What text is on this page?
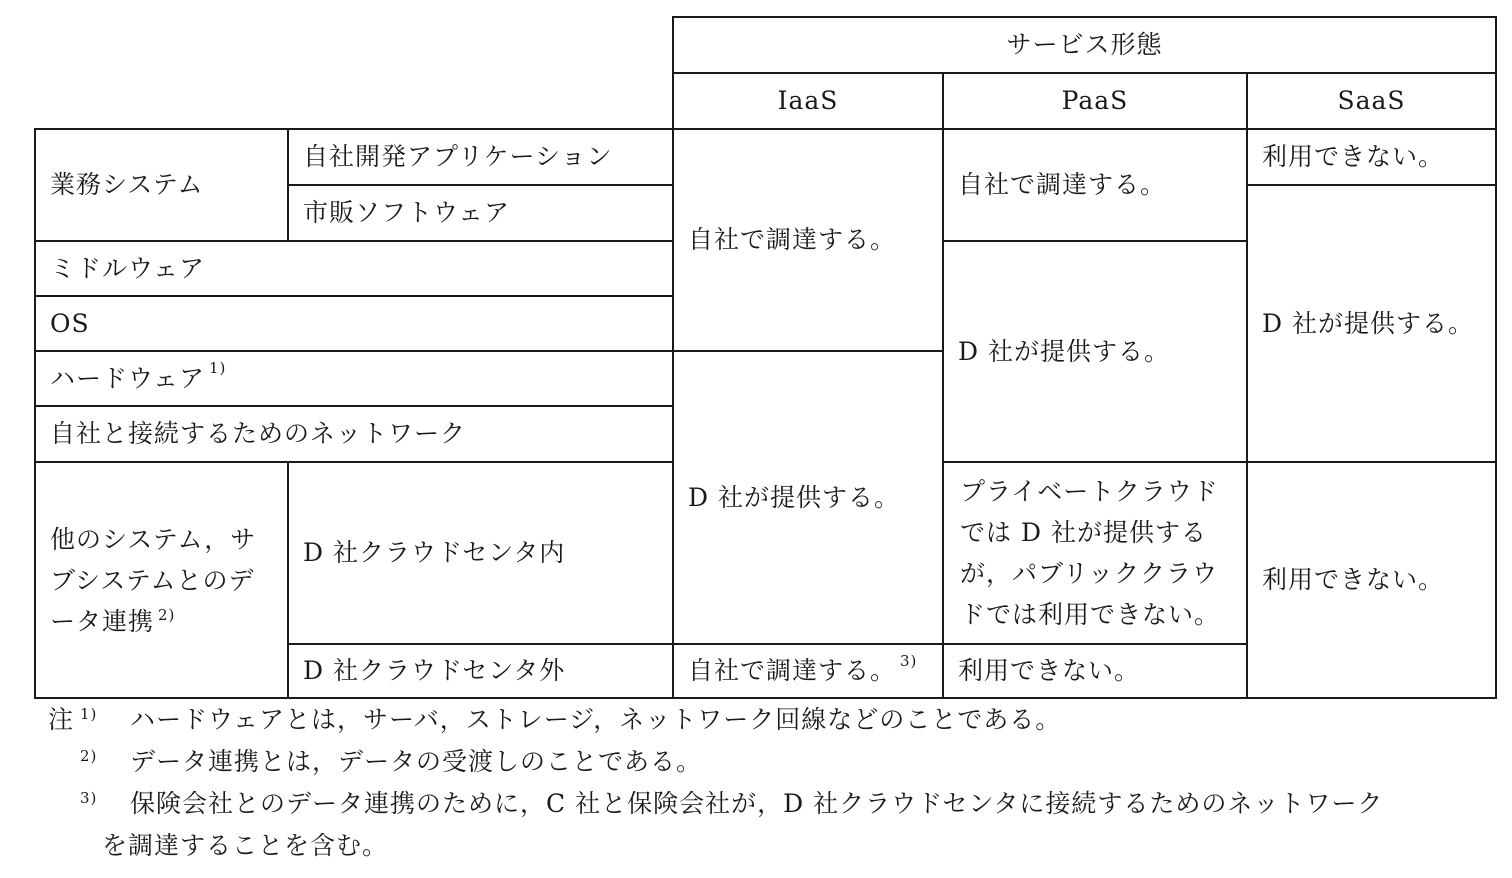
サービス形態
IaaS	PaaS	SaaS
業務システム
自社開発アプリケーション
市販ソフトウェア
ミドルウェア
OS
ハードウェア 1)
自社と接続するためのネットワーク
他のシステム，サ
ブシステムとのデ
ータ連携 $^{2)}$
D 社クラウドセンタ内
D 社クラウドセンタ外
自社で調達する。
D 社が提供する。
自社で調達する。 3)
自社で調達する。
D 社が提供する。
プライベートクラウド
では D 社が提供する
が，パブリッククラウ
ドでは利用できない。
利用できない。
利用できない。
D 社が提供する。
利用できない。
注 1) ハードウェアとは，サーバ，ストレージ，ネットワーク回線などのことである。
2) データ連携とは，データの受渡しのことである。
3) 保険会社とのデータ連携のために，C 社と保険会社が，D 社クラウドセンタに接続するためのネットワーク
を調達することを含む。
